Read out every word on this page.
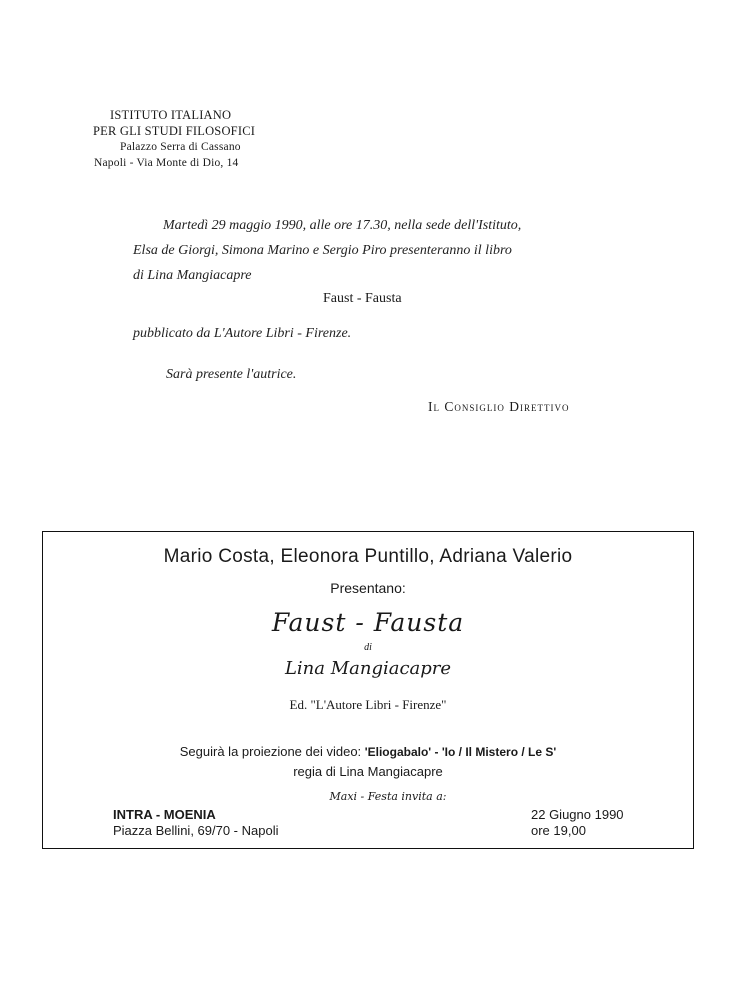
ISTITUTO ITALIANO
PER GLI STUDI FILOSOFICI
Palazzo Serra di Cassano
Napoli - Via Monte di Dio, 14
Martedì 29 maggio 1990, alle ore 17.30, nella sede dell'Istituto,
Elsa de Giorgi, Simona Marino e Sergio Piro presenteranno il libro
di Lina Mangiacapre
Faust - Fausta
pubblicato da L'Autore Libri - Firenze.
Sarà presente l'autrice.
Il Consiglio Direttivo
Mario Costa, Eleonora Puntillo, Adriana Valerio
Presentano:
Faust - Fausta
di
Lina Mangiacapre
Ed. "L'Autore Libri - Firenze"
Seguirà la proiezione dei video: 'Eliogabalo' - 'Io / Il Mistero / Le S'
regia di Lina Mangiacapre
Maxi - Festa invita a:
INTRA - MOENIA
Piazza Bellini, 69/70 - Napoli
22 Giugno 1990
ore 19,00
